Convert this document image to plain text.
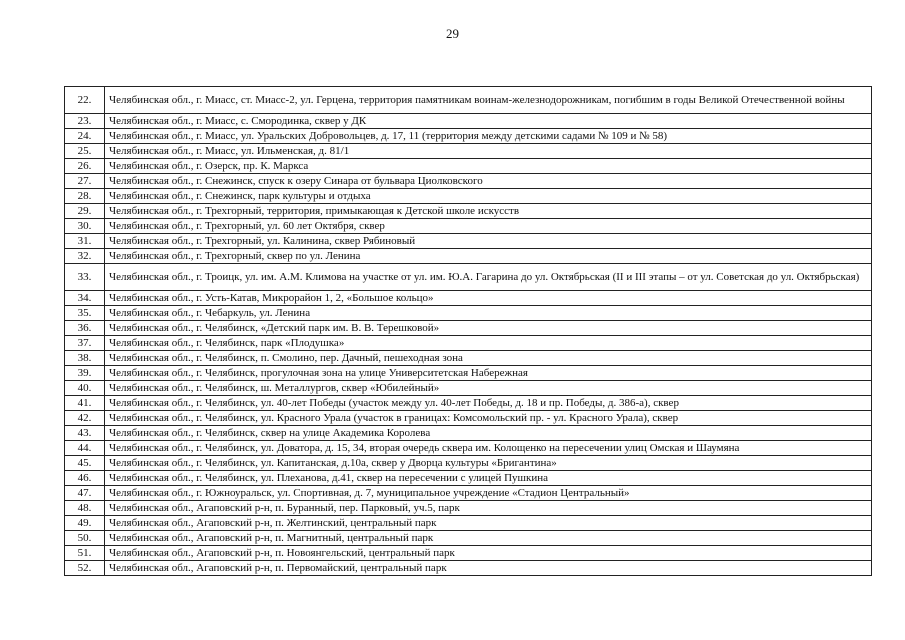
29
22.	Челябинская обл., г. Миасс, ст. Миасс-2, ул. Герцена, территория памятникам воинам-железнодорожникам, погибшим в годы Великой Отечественной войны
23.	Челябинская обл., г. Миасс, с. Смородинка, сквер у ДК
24.	Челябинская обл., г. Миасс, ул. Уральских Добровольцев, д. 17, 11 (территория между детскими садами № 109 и № 58)
25.	Челябинская обл., г. Миасс, ул. Ильменская, д. 81/1
26.	Челябинская обл., г. Озерск, пр. К. Маркса
27.	Челябинская обл., г. Снежинск, спуск к озеру Синара от бульвара Циолковского
28.	Челябинская обл., г. Снежинск, парк культуры и отдыха
29.	Челябинская обл., г. Трехгорный, территория, примыкающая к Детской школе искусств
30.	Челябинская обл., г. Трехгорный, ул. 60 лет Октября, сквер
31.	Челябинская обл., г. Трехгорный, ул. Калинина, сквер Рябиновый
32.	Челябинская обл., г. Трехгорный, сквер по ул. Ленина
33.	Челябинская обл., г. Троицк, ул. им. А.М. Климова на участке от ул. им. Ю.А. Гагарина до ул. Октябрьская (II и III этапы – от ул. Советская до ул. Октябрьская)
34.	Челябинская обл., г. Усть-Катав, Микрорайон 1, 2, «Большое кольцо»
35.	Челябинская обл., г. Чебаркуль, ул. Ленина
36.	Челябинская обл., г. Челябинск, «Детский парк им. В. В. Терешковой»
37.	Челябинская обл., г. Челябинск, парк «Плодушка»
38.	Челябинская обл., г. Челябинск, п. Смолино, пер. Дачный, пешеходная зона
39.	Челябинская обл., г. Челябинск, прогулочная зона на улице Университетская Набережная
40.	Челябинская обл., г. Челябинск, ш. Металлургов, сквер «Юбилейный»
41.	Челябинская обл., г. Челябинск, ул. 40-лет Победы (участок между ул. 40-лет Победы, д. 18 и пр. Победы, д. 386-а), сквер
42.	Челябинская обл., г. Челябинск, ул. Красного Урала (участок в границах: Комсомольский пр. - ул. Красного Урала), сквер
43.	Челябинская обл., г. Челябинск, сквер на улице Академика Королева
44.	Челябинская обл., г. Челябинск, ул. Доватора, д. 15, 34, вторая очередь сквера им. Колощенко на пересечении улиц Омская и Шаумяна
45.	Челябинская обл., г. Челябинск, ул. Капитанская, д.10а, сквер у Дворца культуры «Бригантина»
46.	Челябинская обл., г. Челябинск, ул. Плеханова, д.41, сквер на пересечении с улицей Пушкина
47.	Челябинская обл., г. Южноуральск, ул. Спортивная, д. 7, муниципальное учреждение «Стадион Центральный»
48.	Челябинская обл., Агаповский р-н, п. Буранный, пер. Парковый, уч.5, парк
49.	Челябинская обл., Агаповский р-н, п. Желтинский, центральный парк
50.	Челябинская обл., Агаповский р-н, п. Магнитный, центральный парк
51.	Челябинская обл., Агаповский р-н, п. Новоянгельский, центральный парк
52.	Челябинская обл., Агаповский р-н, п. Первомайский, центральный парк
